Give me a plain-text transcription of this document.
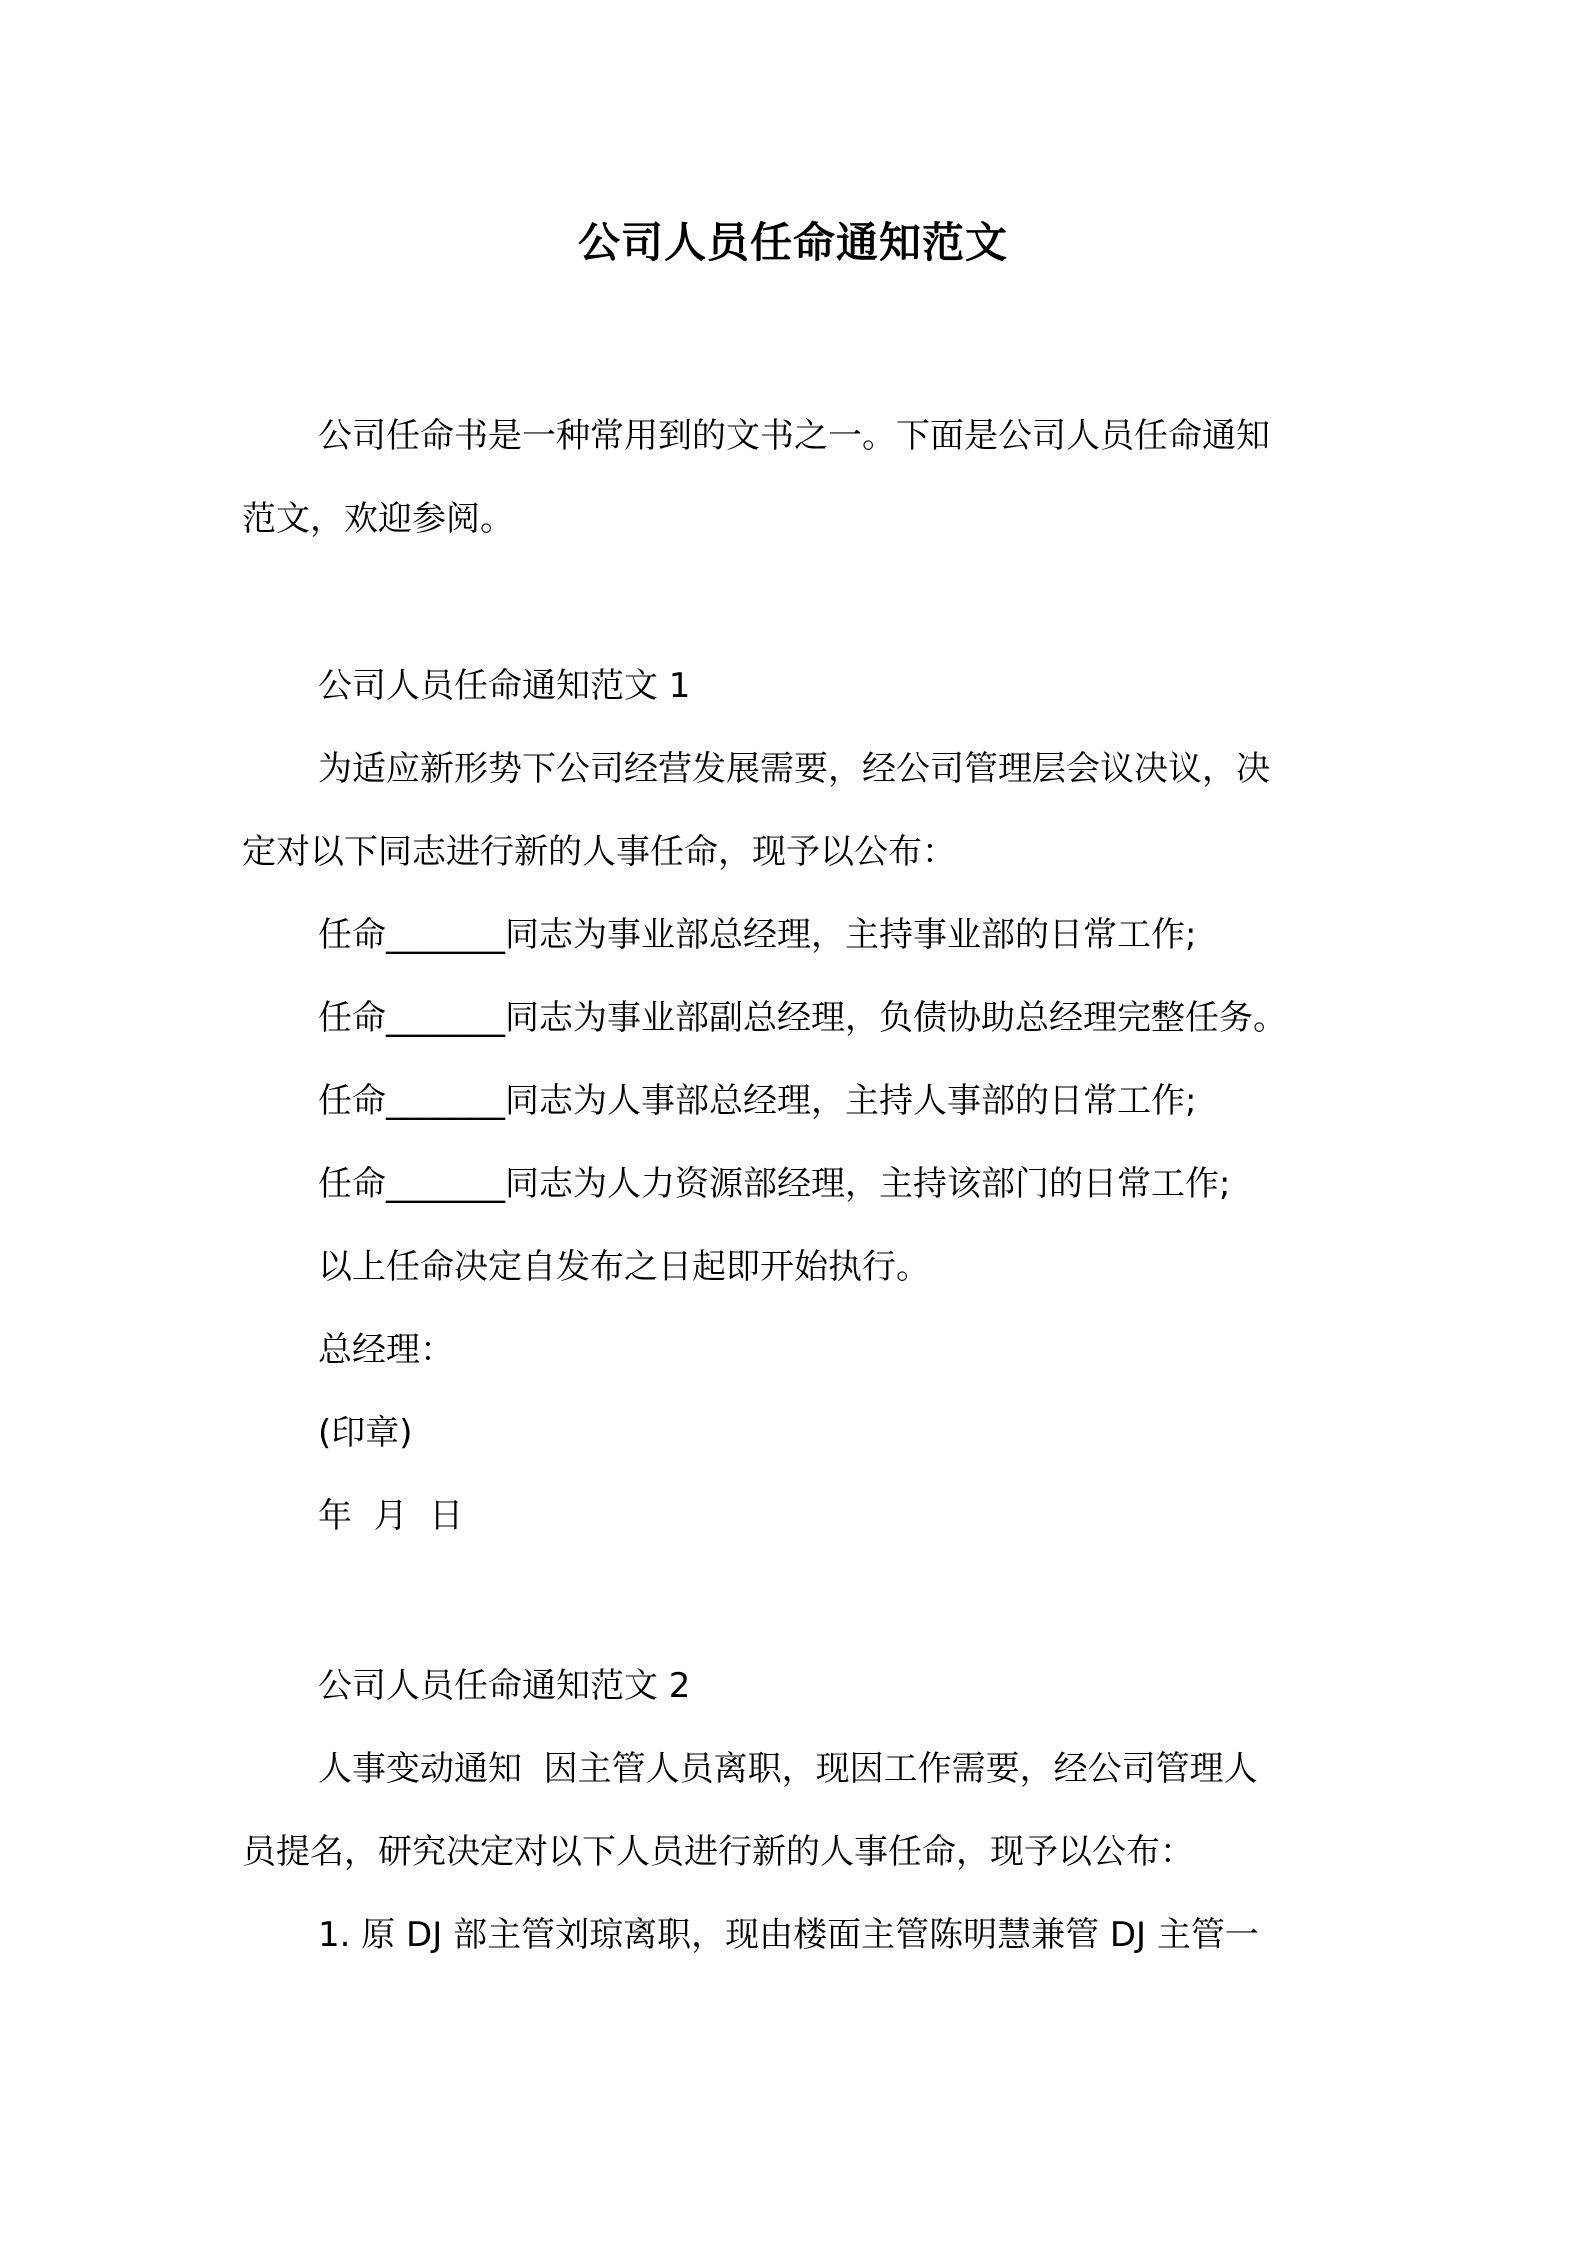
公司人员任命通知范文

公司任命书是一种常用到的文书之一。下面是公司人员任命通知

范文，欢迎参阅。

公司人员任命通知范文 1

为适应新形势下公司经营发展需要，经公司管理层会议决议，决

定对以下同志进行新的人事任命，现予以公布：

任命_______同志为事业部总经理，主持事业部的日常工作;

任命_______同志为事业部副总经理，负债协助总经理完整任务。

任命_______同志为人事部总经理，主持人事部的日常工作;

任命_______同志为人力资源部经理，主持该部门的日常工作;

以上任命决定自发布之日起即开始执行。

总经理：

(印章)

年  月  日

公司人员任命通知范文 2

人事变动通知  因主管人员离职，现因工作需要，经公司管理人

员提名，研究决定对以下人员进行新的人事任命，现予以公布：

1. 原 DJ 部主管刘琼离职，现由楼面主管陈明慧兼管 DJ 主管一
